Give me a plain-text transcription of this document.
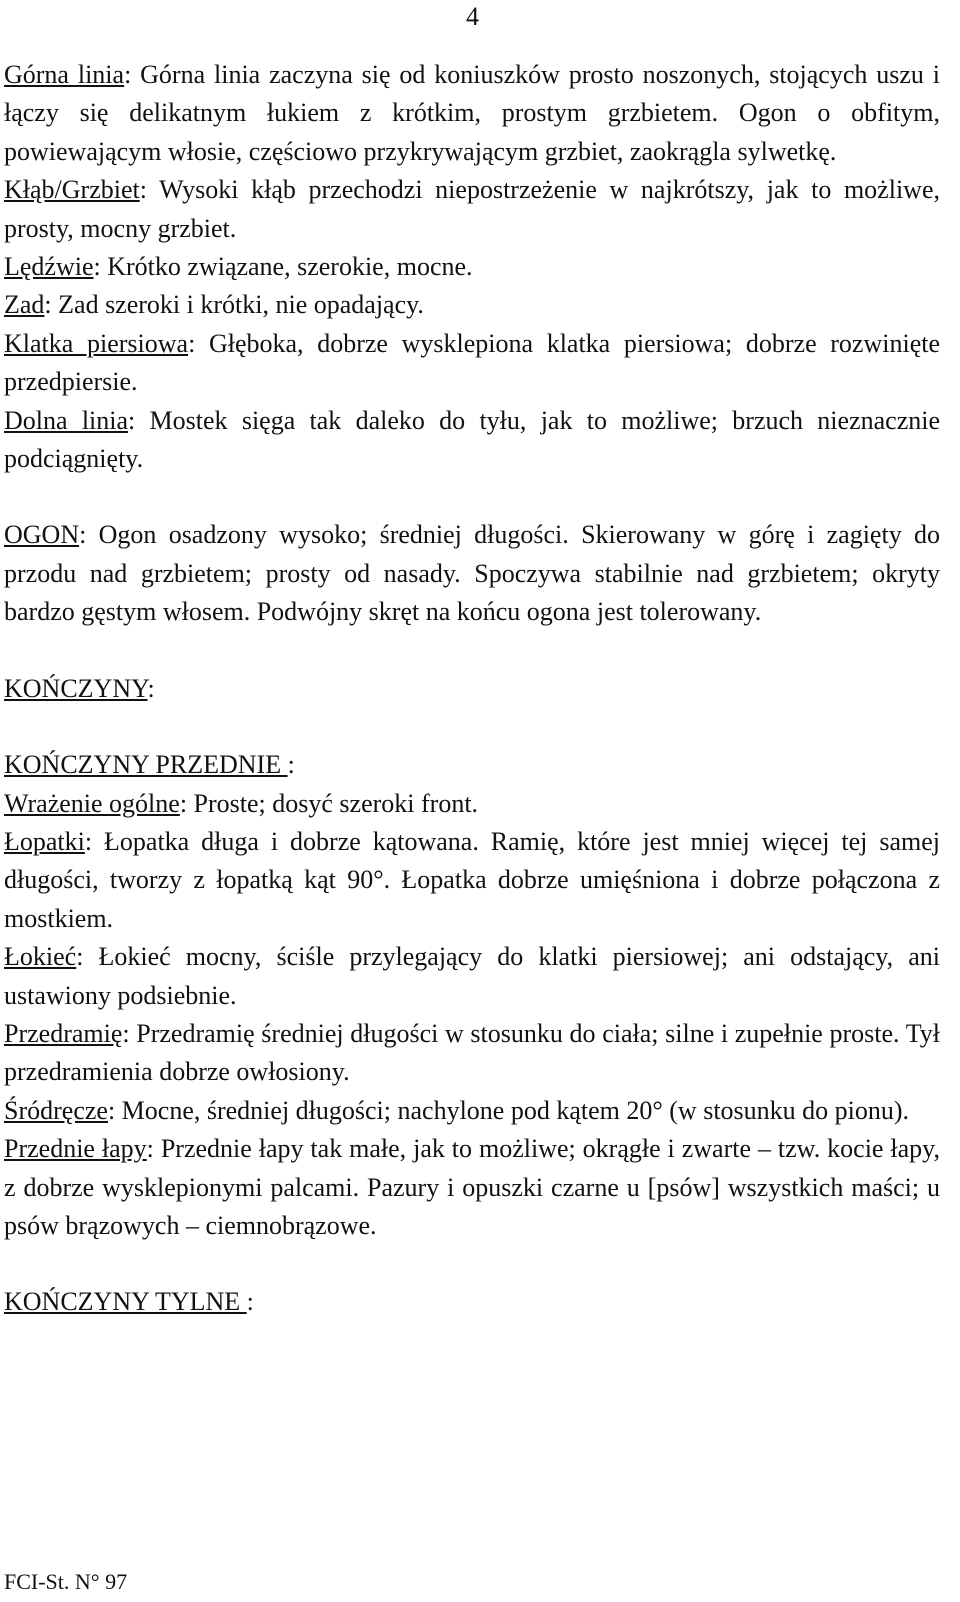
4

Górna linia: Górna linia zaczyna się od koniuszków prosto noszonych, stojących uszu i łączy się delikatnym łukiem z krótkim, prostym grzbietem. Ogon o obfitym, powiewającym włosie, częściowo przykrywającym grzbiet, zaokrągla sylwetkę.

Kłąb/Grzbiet: Wysoki kłąb przechodzi niepostrzeżenie w najkrótszy, jak to możliwe, prosty, mocny grzbiet.

Lędźwie: Krótko związane, szerokie, mocne.

Zad: Zad szeroki i krótki, nie opadający.

Klatka piersiowa: Głęboka, dobrze wysklepiona klatka piersiowa; dobrze rozwinięte przedpiersie.

Dolna linia: Mostek sięga tak daleko do tyłu, jak to możliwe; brzuch nieznacznie podciągnięty.

OGON: Ogon osadzony wysoko; średniej długości. Skierowany w górę i zagięty do przodu nad grzbietem; prosty od nasady. Spoczywa stabilnie nad grzbietem; okryty bardzo gęstym włosem. Podwójny skręt na końcu ogona jest tolerowany.

KOŃCZYNY:

KOŃCZYNY PRZEDNIE :

Wrażenie ogólne: Proste; dosyć szeroki front.

Łopatki: Łopatka długa i dobrze kątowana. Ramię, które jest mniej więcej tej samej długości, tworzy z łopatką kąt 90°. Łopatka dobrze umięśniona i dobrze połączona z mostkiem.

Łokieć: Łokieć mocny, ściśle przylegający do klatki piersiowej; ani odstający, ani ustawiony podsiebnie.

Przedramię: Przedramię średniej długości w stosunku do ciała; silne i zupełnie proste. Tył przedramienia dobrze owłosiony.

Śródręcze: Mocne, średniej długości; nachylone pod kątem 20° (w stosunku do pionu).

Przednie łapy: Przednie łapy tak małe, jak to możliwe; okrągłe i zwarte – tzw. kocie łapy, z dobrze wysklepionymi palcami. Pazury i opuszki czarne u [psów] wszystkich maści; u psów brązowych – ciemnobrązowe.

KOŃCZYNY TYLNE :

FCI-St. N° 97
